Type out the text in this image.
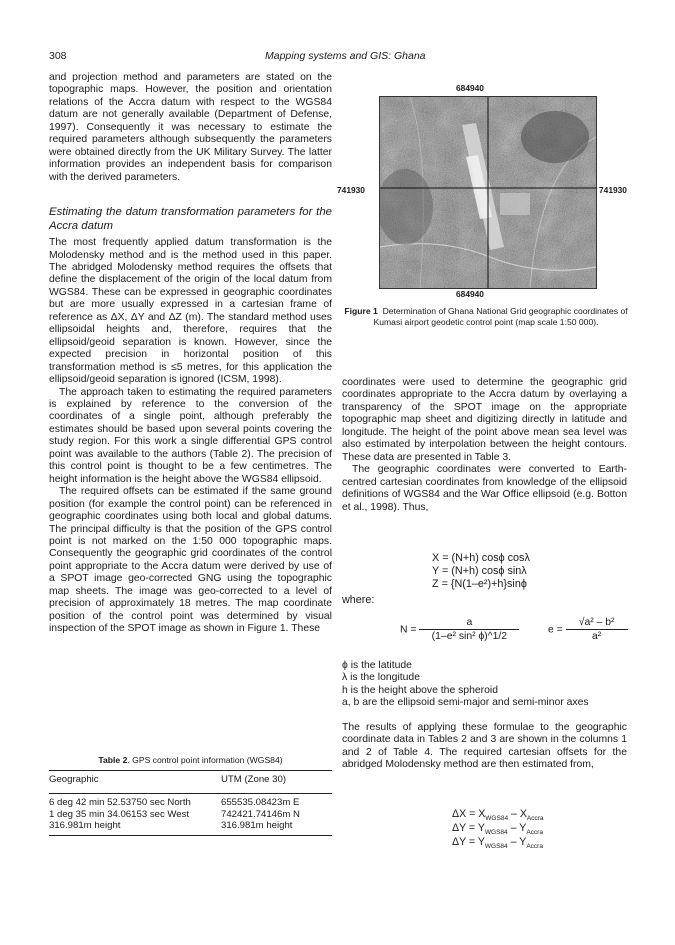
308	Mapping systems and GIS: Ghana

and projection method and parameters are stated on the topographic maps. However, the position and orientation relations of the Accra datum with respect to the WGS84 datum are not generally available (Department of Defense, 1997). Consequently it was necessary to estimate the required parameters although subsequently the parameters were obtained directly from the UK Military Survey. The latter information provides an independent basis for comparison with the derived parameters.

Estimating the datum transformation parameters for the Accra datum

The most frequently applied datum transformation is the Molodensky method and is the method used in this paper. The abridged Molodensky method requires the offsets that define the displacement of the origin of the local datum from WGS84. These can be expressed in geographic coordinates but are more usually expressed in a cartesian frame of reference as ΔX, ΔY and ΔZ (m). The standard method uses ellipsoidal heights and, therefore, requires that the ellipsoid/geoid separation is known. However, since the expected precision in horizontal position of this transformation method is ≤5 metres, for this application the ellipsoid/geoid separation is ignored (ICSM, 1998).

The approach taken to estimating the required parameters is explained by reference to the conversion of the coordinates of a single point, although preferably the estimates should be based upon several points covering the study region. For this work a single differential GPS control point was available to the authors (Table 2). The precision of this control point is thought to be a few centimetres. The height information is the height above the WGS84 ellipsoid.

The required offsets can be estimated if the same ground position (for example the control point) can be referenced in geographic coordinates using both local and global datums. The principal difficulty is that the position of the GPS control point is not marked on the 1:50 000 topographic maps. Consequently the geographic grid coordinates of the control point appropriate to the Accra datum were derived by use of a SPOT image geo-corrected GNG using the topographic map sheets. The image was geo-corrected to a level of precision of approximately 18 metres. The map coordinate position of the control point was determined by visual inspection of the SPOT image as shown in Figure 1. These

Table 2. GPS control point information (WGS84)
Geographic	UTM (Zone 30)
6 deg 42 min 52.53750 sec North	655535.08423m E
1 deg 35 min 34.06153 sec West	742421.74146m N
316.981m height	316.981m height
684940
741930	741930
684940
Figure 1 Determination of Ghana National Grid geographic coordinates of Kumasi airport geodetic control point (map scale 1:50 000).

coordinates were used to determine the geographic grid coordinates appropriate to the Accra datum by overlaying a transparency of the SPOT image on the appropriate topographic map sheet and digitizing directly in latitude and longitude. The height of the point above mean sea level was also estimated by interpolation between the height contours. These data are presented in Table 3.

The geographic coordinates were converted to Earth-centred cartesian coordinates from knowledge of the ellipsoid definitions of WGS84 and the War Office ellipsoid (e.g. Botton et al., 1998). Thus,

X = (N+h) cosϕ cosλ
Y = (N+h) cosϕ sinλ
Z = {N(1–e²)+h}sinϕ
where:
$N = \frac{a}{\text{(1–e² sin² ϕ)\textasciicircum{}1/2}}$	$e = \frac{\text{√a² – b²}}{\text{a²}}$

ϕ is the latitude

λ is the longitude

h is the height above the spheroid

a, b are the ellipsoid semi-major and semi-minor axes

The results of applying these formulae to the geographic coordinate data in Tables 2 and 3 are shown in the columns 1 and 2 of Table 4. The required cartesian offsets for the abridged Molodensky method are then estimated from,

$\Delta X = X_{WGS84} - X_{Accra}$
$\Delta Y = Y_{WGS84} - Y_{Accra}$
$\Delta Y = Y_{WGS84} - Y_{Accra}$
